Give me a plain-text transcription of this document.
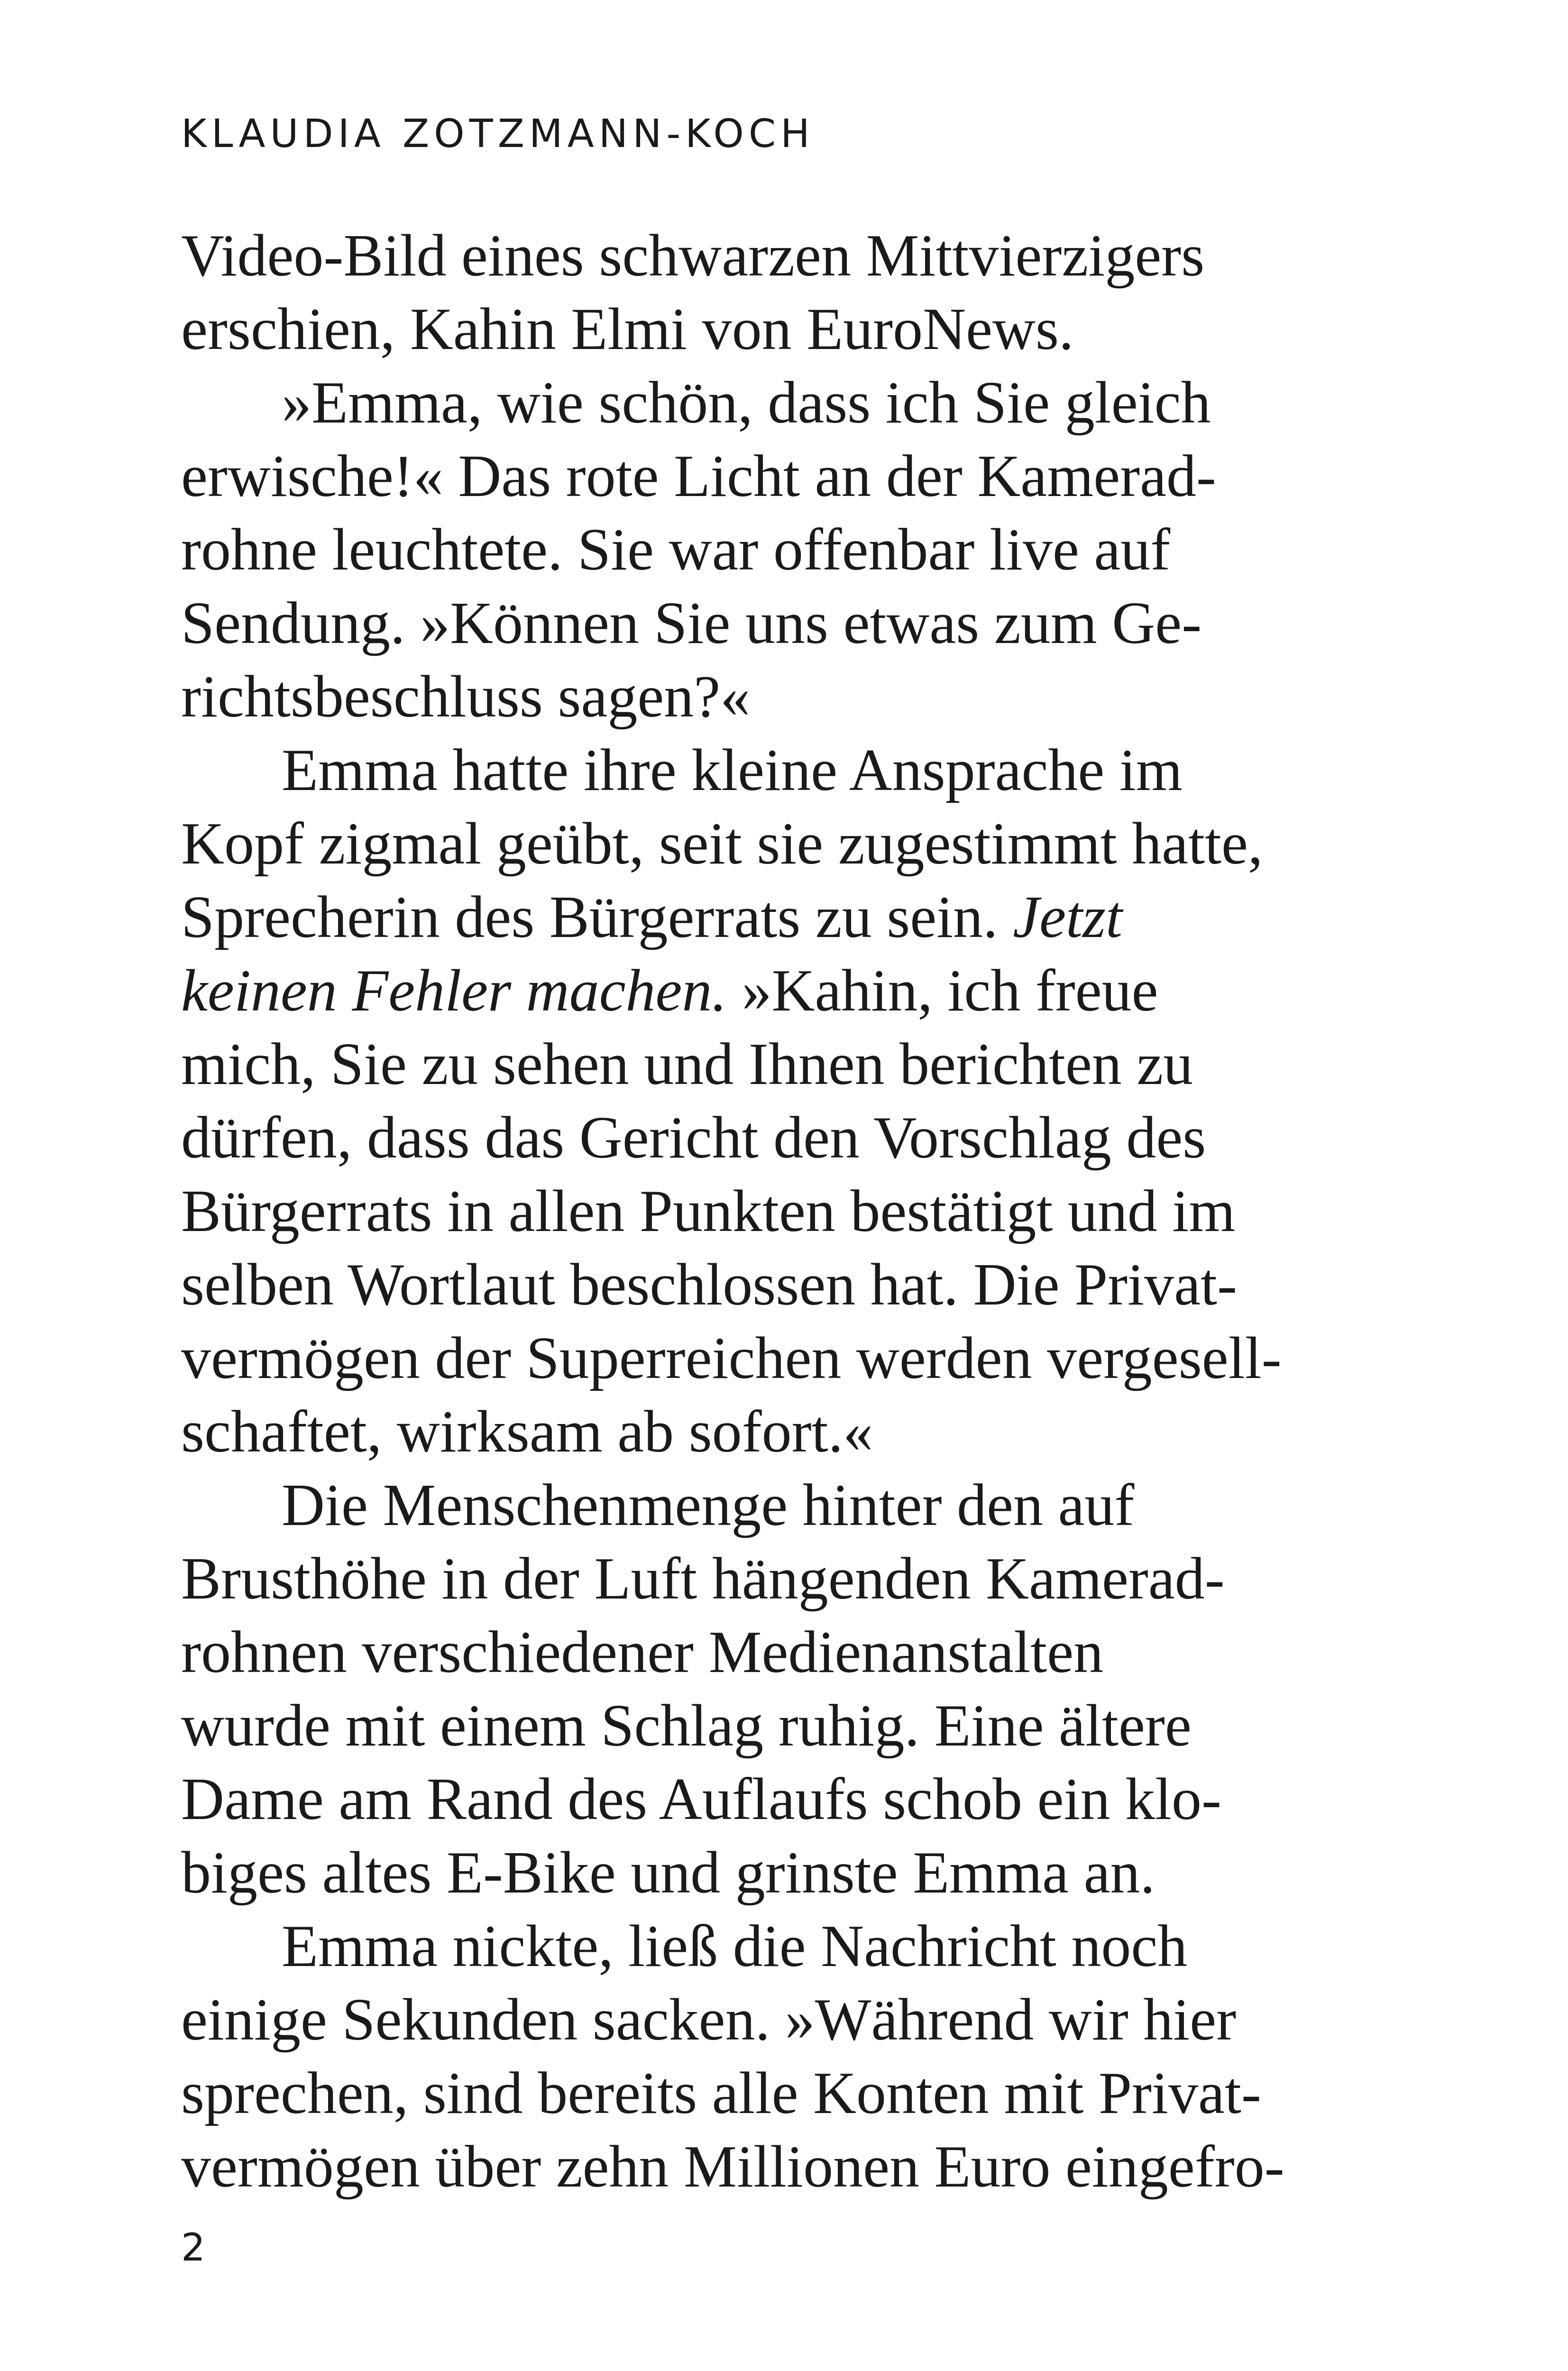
KLAUDIA ZOTZMANN-KOCH
Video-Bild eines schwarzen Mittvierzigers
erschien, Kahin Elmi von EuroNews.
»Emma, wie schön, dass ich Sie gleich
erwische!« Das rote Licht an der Kamerad-
rohne leuchtete. Sie war offenbar live auf
Sendung. »Können Sie uns etwas zum Ge-
richtsbeschluss sagen?«
Emma hatte ihre kleine Ansprache im
Kopf zigmal geübt, seit sie zugestimmt hatte,
Sprecherin des Bürgerrats zu sein. Jetzt
keinen Fehler machen. »Kahin, ich freue
mich, Sie zu sehen und Ihnen berichten zu
dürfen, dass das Gericht den Vorschlag des
Bürgerrats in allen Punkten bestätigt und im
selben Wortlaut beschlossen hat. Die Privat-
vermögen der Superreichen werden vergesell-
schaftet, wirksam ab sofort.«
Die Menschenmenge hinter den auf
Brusthöhe in der Luft hängenden Kamerad-
rohnen verschiedener Medienanstalten
wurde mit einem Schlag ruhig. Eine ältere
Dame am Rand des Auflaufs schob ein klo-
biges altes E-Bike und grinste Emma an.
Emma nickte, ließ die Nachricht noch
einige Sekunden sacken. »Während wir hier
sprechen, sind bereits alle Konten mit Privat-
vermögen über zehn Millionen Euro eingefro-
2
